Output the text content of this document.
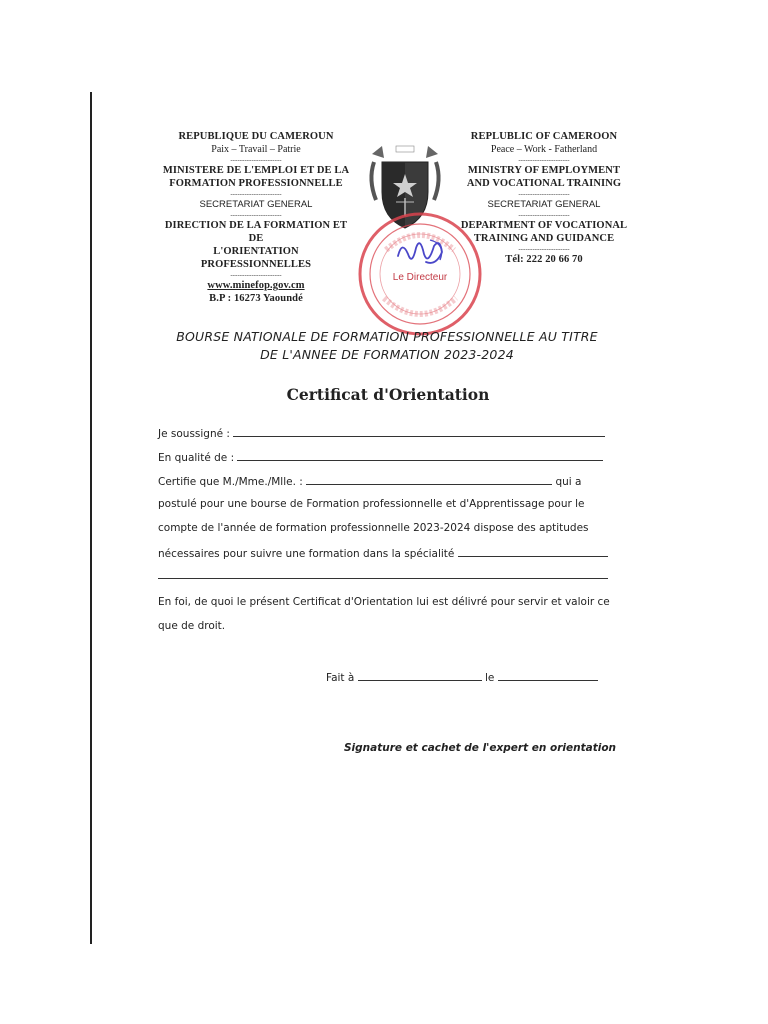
REPUBLIQUE DU CAMEROUN
Paix – Travail – Patrie
----------------------
MINISTERE DE L'EMPLOI ET DE LA
FORMATION PROFESSIONNELLE
----------------------
SECRETARIAT GENERAL
----------------------
DIRECTION DE LA FORMATION ET DE
L'ORIENTATION PROFESSIONNELLES
----------------------
www.minefop.gov.cm
B.P : 16273 Yaoundé
REPLUBLIC OF CAMEROON
Peace – Work - Fatherland
----------------------
MINISTRY OF EMPLOYMENT
AND VOCATIONAL TRAINING
----------------------
SECRETARIAT GENERAL
----------------------
DEPARTMENT OF VOCATIONAL
TRAINING AND GUIDANCE
----------------------
Tél: 222 20 66 70
Le Directeur
BOURSE NATIONALE DE FORMATION PROFESSIONNELLE AU TITRE
DE L'ANNEE DE FORMATION 2023-2024
Certificat d'Orientation
Je soussigné :
En qualité de :
Certifie que M./Mme./Mlle. :	qui a
postulé pour une bourse de Formation professionnelle et d'Apprentissage pour le
compte de l'année de formation professionnelle 2023-2024 dispose des aptitudes
nécessaires pour suivre une formation dans la spécialité
En foi, de quoi le présent Certificat d'Orientation lui est délivré pour servir et valoir ce
que de droit.
Fait à	le
Signature et cachet de l'expert en orientation
